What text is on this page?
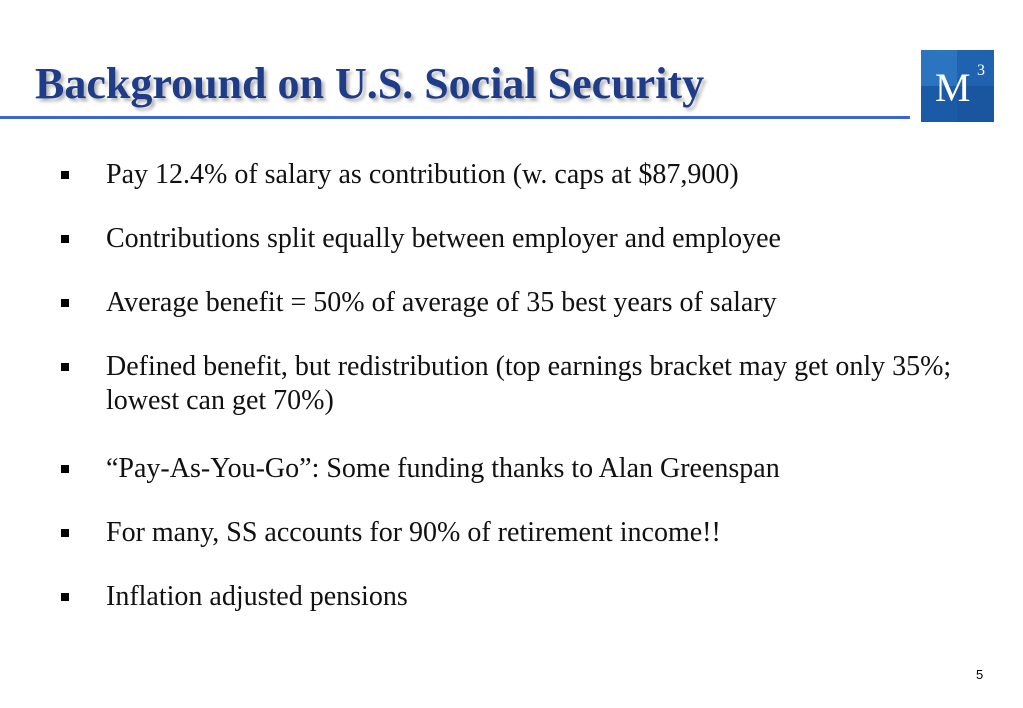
Background on U.S. Social Security	M 3
Pay 12.4% of salary as contribution (w. caps at $87,900)
Contributions split equally between employer and employee
Average benefit = 50% of average of 35 best years of salary
Defined benefit, but redistribution (top earnings bracket may get only 35%; lowest can get 70%)
“Pay-As-You-Go”: Some funding thanks to Alan Greenspan
For many, SS accounts for 90% of retirement income!!
Inflation adjusted pensions
5
